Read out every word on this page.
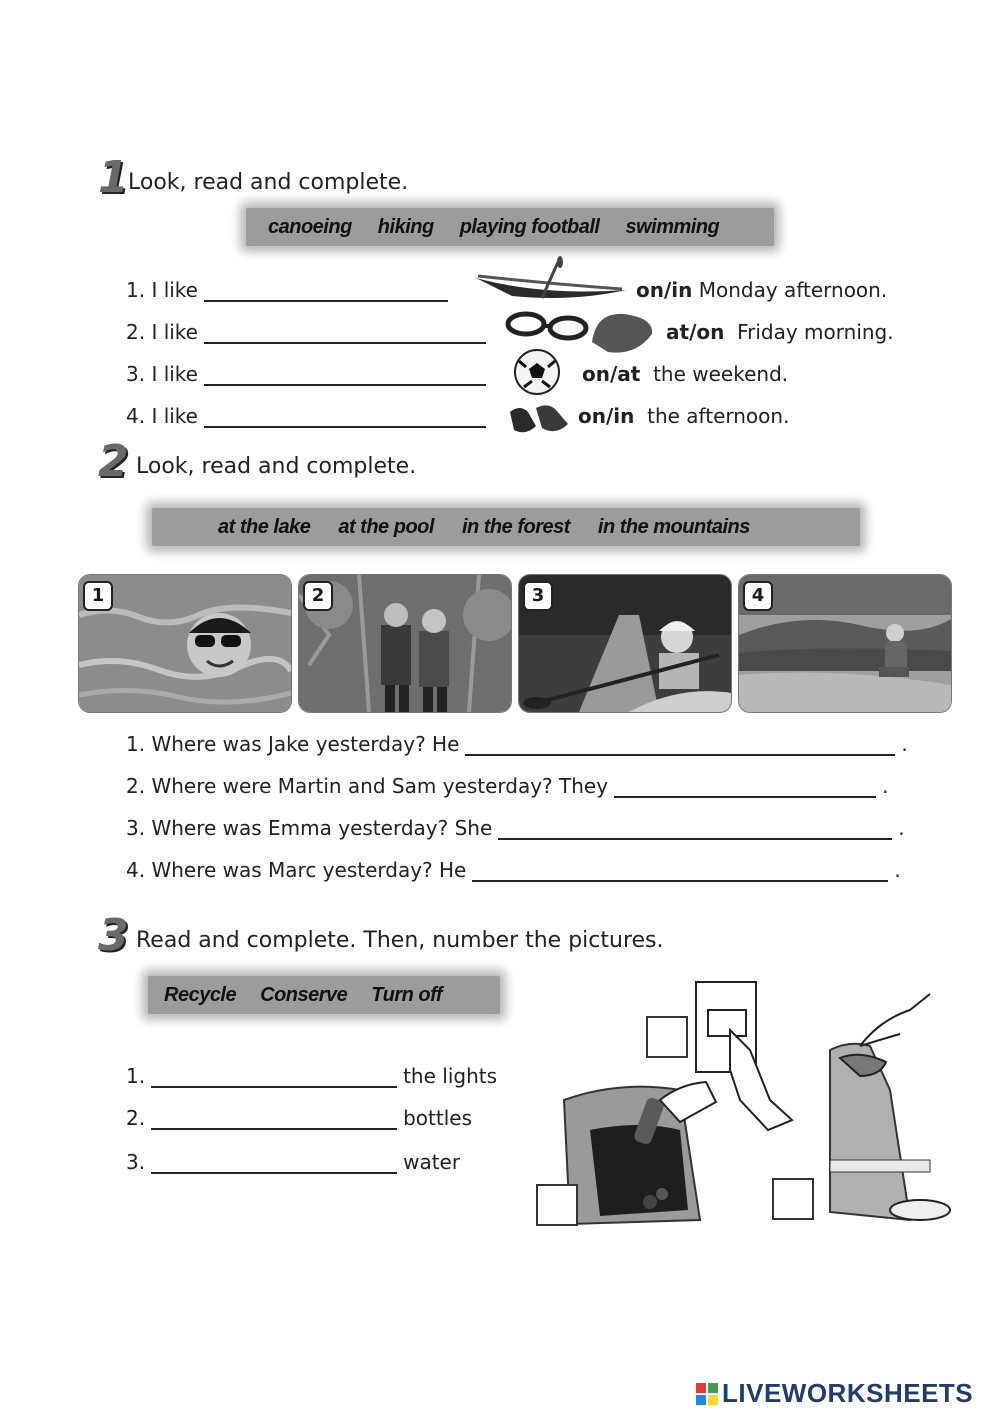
1 Look, read and complete.
canoeing hiking playing football swimming
1. I like	on / in Monday afternoon.
2. I like	at / on Friday morning.
3. I like	on / at the weekend.
4. I like	on / in the afternoon.
2 Look, read and complete.
at the lake at the pool in the forest in the mountains
1	2	3	4
1. Where was Jake yesterday? He	.
2. Where were Martin and Sam yesterday? They	.
3. Where was Emma yesterday? She	.
4. Where was Marc yesterday? He	.
3 Read and complete. Then, number the pictures.
Recycle Conserve Turn off
1.	the lights
2.	bottles
3.	water
LIVEWORKSHEETS
